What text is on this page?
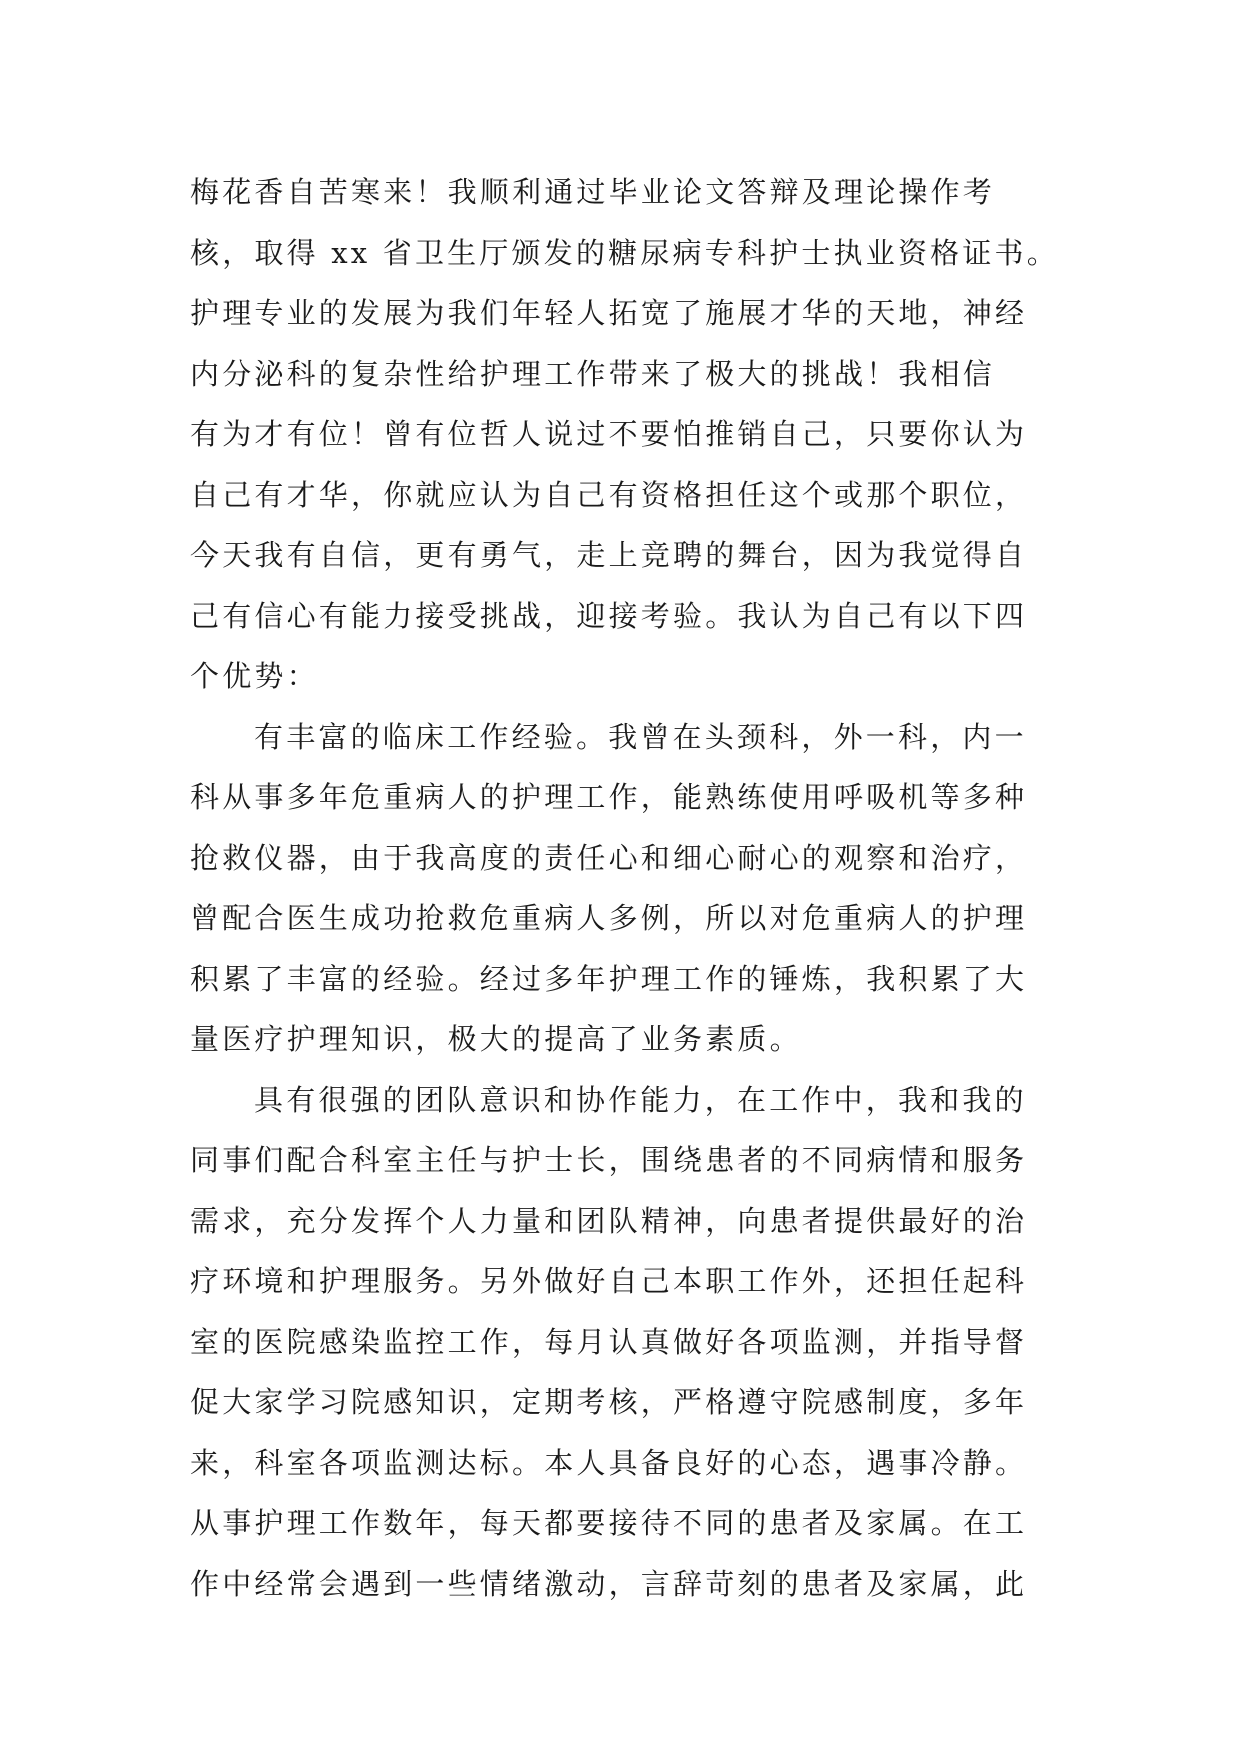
梅花香自苦寒来！我顺利通过毕业论文答辩及理论操作考
核，取得 xx 省卫生厅颁发的糖尿病专科护士执业资格证书。
护理专业的发展为我们年轻人拓宽了施展才华的天地，神经
内分泌科的复杂性给护理工作带来了极大的挑战！我相信
有为才有位！曾有位哲人说过不要怕推销自己，只要你认为
自己有才华，你就应认为自己有资格担任这个或那个职位，
今天我有自信，更有勇气，走上竞聘的舞台，因为我觉得自
己有信心有能力接受挑战，迎接考验。我认为自己有以下四
个优势：
有丰富的临床工作经验。我曾在头颈科，外一科，内一
科从事多年危重病人的护理工作，能熟练使用呼吸机等多种
抢救仪器，由于我高度的责任心和细心耐心的观察和治疗，
曾配合医生成功抢救危重病人多例，所以对危重病人的护理
积累了丰富的经验。经过多年护理工作的锤炼，我积累了大
量医疗护理知识，极大的提高了业务素质。
具有很强的团队意识和协作能力，在工作中，我和我的
同事们配合科室主任与护士长，围绕患者的不同病情和服务
需求，充分发挥个人力量和团队精神，向患者提供最好的治
疗环境和护理服务。另外做好自己本职工作外，还担任起科
室的医院感染监控工作，每月认真做好各项监测，并指导督
促大家学习院感知识，定期考核，严格遵守院感制度，多年
来，科室各项监测达标。本人具备良好的心态，遇事冷静。
从事护理工作数年，每天都要接待不同的患者及家属。在工
作中经常会遇到一些情绪激动，言辞苛刻的患者及家属，此
